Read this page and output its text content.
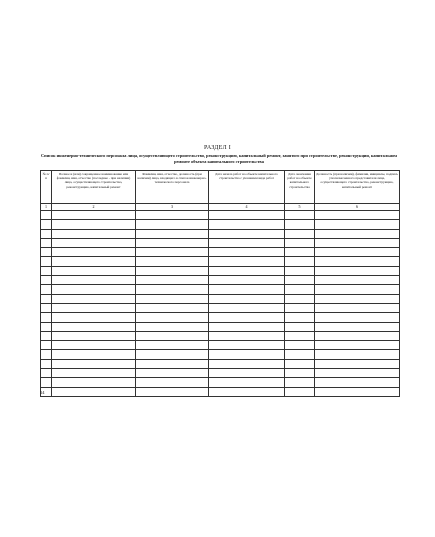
РАЗДЕЛ I
Список инженерно-технического персонала лица, осуществляющего строительство, реконструкцию, капитальный ремонт, занятого при строительстве, реконструкции, капитальном ремонте объекта капитального строительства
№ п/п	Полное и (или) сокращенное наименование или фамилия, имя, отчество (последнее - при наличии) лица, осуществляющего строительство, реконструкцию, капитальный ремонт	Фамилия, имя, отчество, должность (при наличии) лица, входящего в список инженерно-технического персонала	Дата начала работ на объекте капитального строительства с указанием вида работ	Дата окончания работ на объекте капитального строительства	Должность (при наличии), фамилия, инициалы, подпись уполномоченного представителя лица, осуществляющего строительство, реконструкцию, капитальный ремонт
1	2	3	4	5	6

14
